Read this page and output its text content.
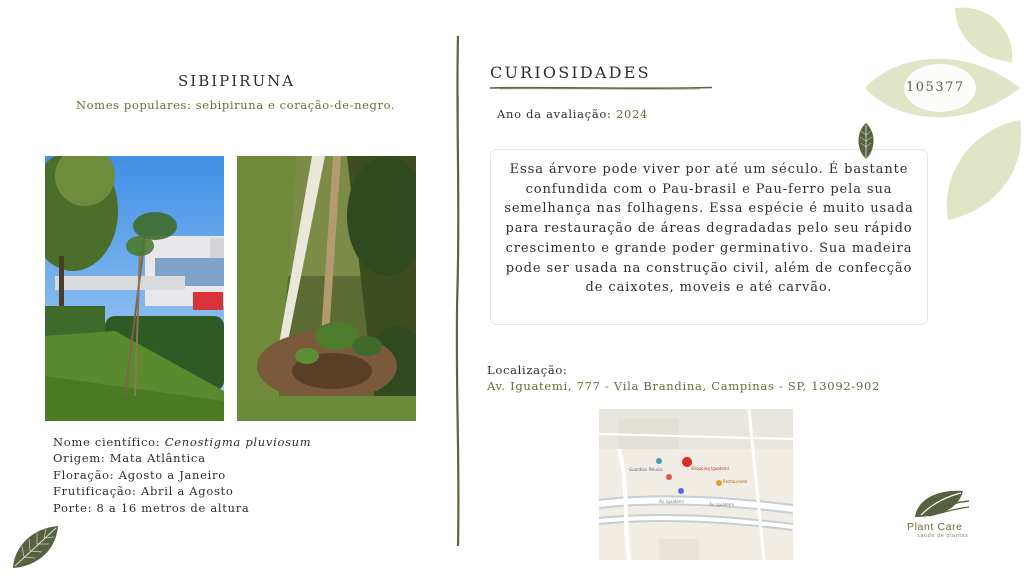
SIBIPIRUNA
Nomes populares: sebipiruna e coração-de-negro.
Nome científico: Cenostigma pluviosum
Origem: Mata Atlântica
Floração: Agosto a Janeiro
Frutificação: Abril a Agosto
Porte: 8 a 16 metros de altura
CURIOSIDADES
Ano da avaliação: 2024
Essa árvore pode viver por até um século. É bastante confundida com o Pau-brasil e Pau-ferro pela sua semelhança nas folhagens. Essa espécie é muito usada para restauração de áreas degradadas pelo seu rápido crescimento e grande poder germinativo. Sua madeira pode ser usada na construção civil, além de confecção de caixotes, moveis e até carvão.
Localização:
Av. Iguatemi, 777 - Vila Brandina, Campinas - SP, 13092-902
Shopping Iguatemi
Guardian Pelucia
Restaurante
Av. Iguatemi
Av. Iguatemi
105377
Plant Care
saúde de plantas
